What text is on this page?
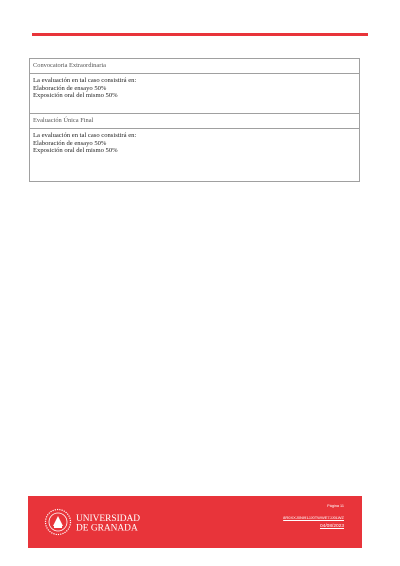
Convocatoria Extraordinaria
La evaluación en tal caso consistirá en:
Elaboración de ensayo 50%
Exposición oral del mismo 50%
Evaluación Única Final
La evaluación en tal caso consistirá en:
Elaboración de ensayo 50%
Exposición oral del mismo 50%
UNIVERSIDAD
DE GRANADA
Página 11
8R0XXJ0NI91JJ0TWWE7JJ0LWZ
04/08/2023
